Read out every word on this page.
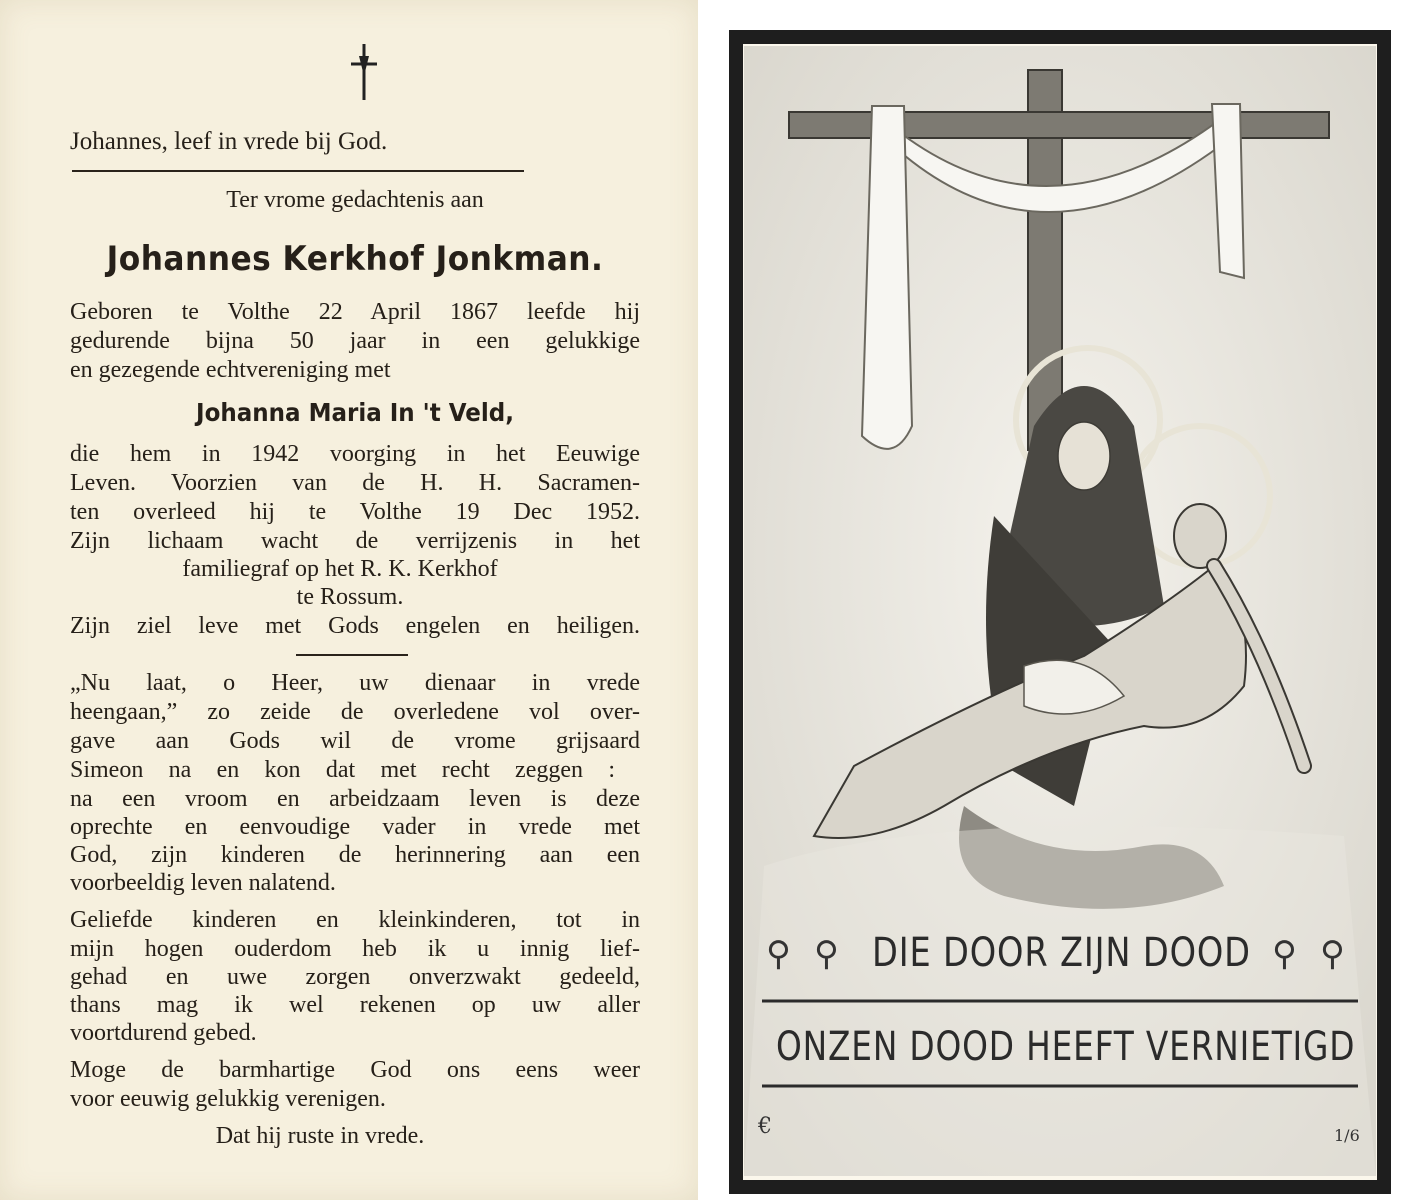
Johannes, leef in vrede bij God.
Ter vrome gedachtenis aan
Johannes Kerkhof Jonkman.
Geboren te Volthe 22 April 1867 leefde hij
gedurende bijna 50 jaar in een gelukkige
en gezegende echtvereniging met
Johanna Maria In 't Veld,
die hem in 1942 voorging in het Eeuwige
Leven. Voorzien van de H. H. Sacramen-
ten overleed hij te Volthe 19 Dec 1952.
Zijn lichaam wacht de verrijzenis in het
familiegraf op het R. K. Kerkhof
te Rossum.
Zijn ziel leve met Gods engelen en heiligen.
„Nu laat, o Heer, uw dienaar in vrede
heengaan,” zo zeide de overledene vol over-
gave aan Gods wil de vrome grijsaard
Simeon na en kon dat met recht zeggen :
na een vroom en arbeidzaam leven is deze
oprechte en eenvoudige vader in vrede met
God, zijn kinderen de herinnering aan een
voorbeeldig leven nalatend.
Geliefde kinderen en kleinkinderen, tot in
mijn hogen ouderdom heb ik u innig lief-
gehad en uwe zorgen onverzwakt gedeeld,
thans mag ik wel rekenen op uw aller
voortdurend gebed.
Moge de barmhartige God ons eens weer
voor eeuwig gelukkig verenigen.
Dat hij ruste in vrede.
⚲ ⚲	⚲ ⚲
DIE DOOR ZIJN DOOD
ONZEN DOOD HEEFT VERNIETIGD
€	1/6
